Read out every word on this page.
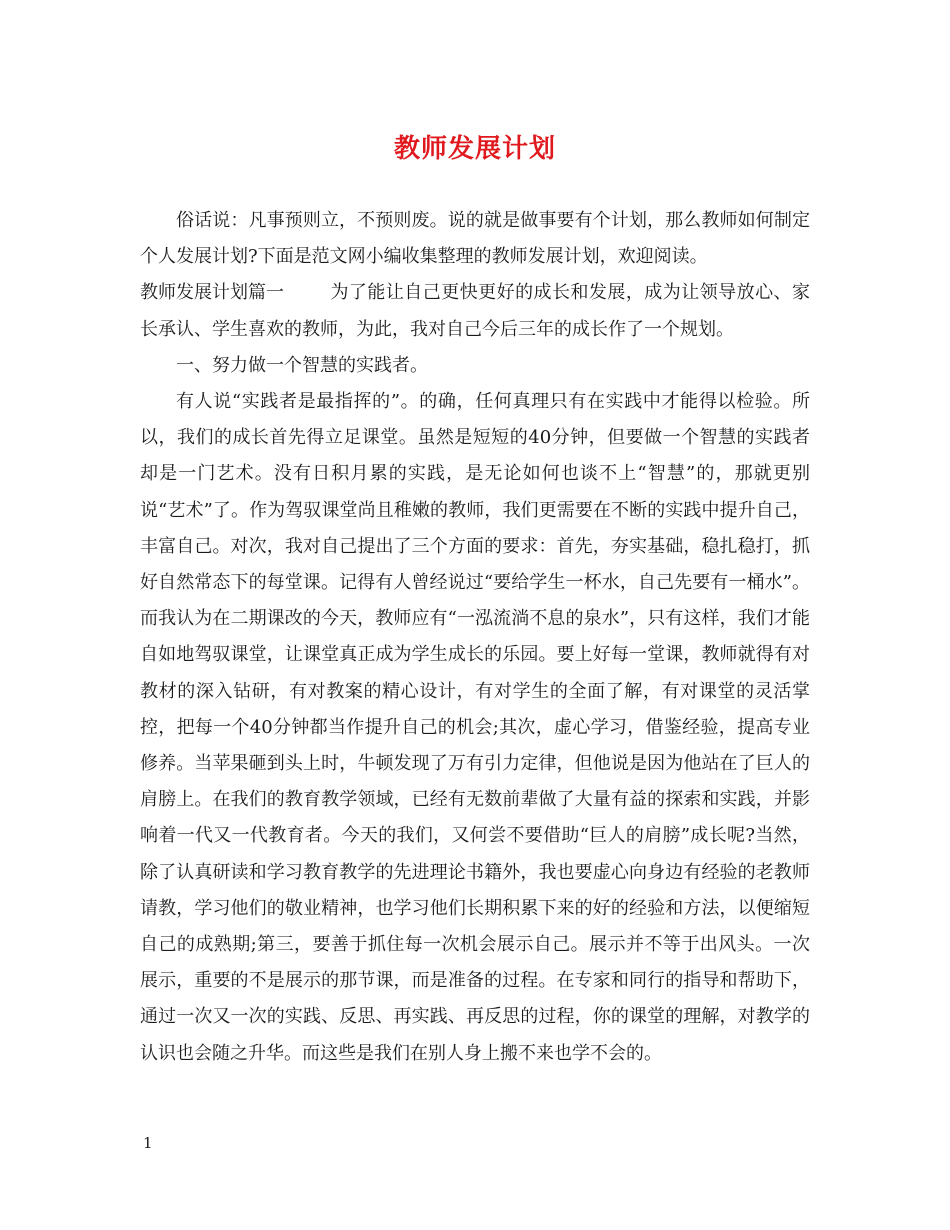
教师发展计划

俗话说：凡事预则立，不预则废。说的就是做事要有个计划，那么教师如何制定个人发展计划?下面是范文网小编收集整理的教师发展计划，欢迎阅读。

教师发展计划篇一	为了能让自己更快更好的成长和发展，成为让领导放心、家长承认、学生喜欢的教师，为此，我对自己今后三年的成长作了一个规划。

一、努力做一个智慧的实践者。

有人说“实践者是最指挥的”。的确，任何真理只有在实践中才能得以检验。所以，我们的成长首先得立足课堂。虽然是短短的40分钟，但要做一个智慧的实践者却是一门艺术。没有日积月累的实践，是无论如何也谈不上“智慧”的，那就更别说“艺术”了。作为驾驭课堂尚且稚嫩的教师，我们更需要在不断的实践中提升自己，丰富自己。对次，我对自己提出了三个方面的要求：首先，夯实基础，稳扎稳打，抓好自然常态下的每堂课。记得有人曾经说过“要给学生一杯水，自己先要有一桶水”。而我认为在二期课改的今天，教师应有“一泓流淌不息的泉水”，只有这样，我们才能自如地驾驭课堂，让课堂真正成为学生成长的乐园。要上好每一堂课，教师就得有对教材的深入钻研，有对教案的精心设计，有对学生的全面了解，有对课堂的灵活掌控，把每一个40分钟都当作提升自己的机会;其次，虚心学习，借鉴经验，提高专业修养。当苹果砸到头上时，牛顿发现了万有引力定律，但他说是因为他站在了巨人的肩膀上。在我们的教育教学领域，已经有无数前辈做了大量有益的探索和实践，并影响着一代又一代教育者。今天的我们，又何尝不要借助“巨人的肩膀”成长呢?当然，除了认真研读和学习教育教学的先进理论书籍外，我也要虚心向身边有经验的老教师请教，学习他们的敬业精神，也学习他们长期积累下来的好的经验和方法，以便缩短自己的成熟期;第三，要善于抓住每一次机会展示自己。展示并不等于出风头。一次展示，重要的不是展示的那节课，而是准备的过程。在专家和同行的指导和帮助下，通过一次又一次的实践、反思、再实践、再反思的过程，你的课堂的理解，对教学的认识也会随之升华。而这些是我们在别人身上搬不来也学不会的。

1
